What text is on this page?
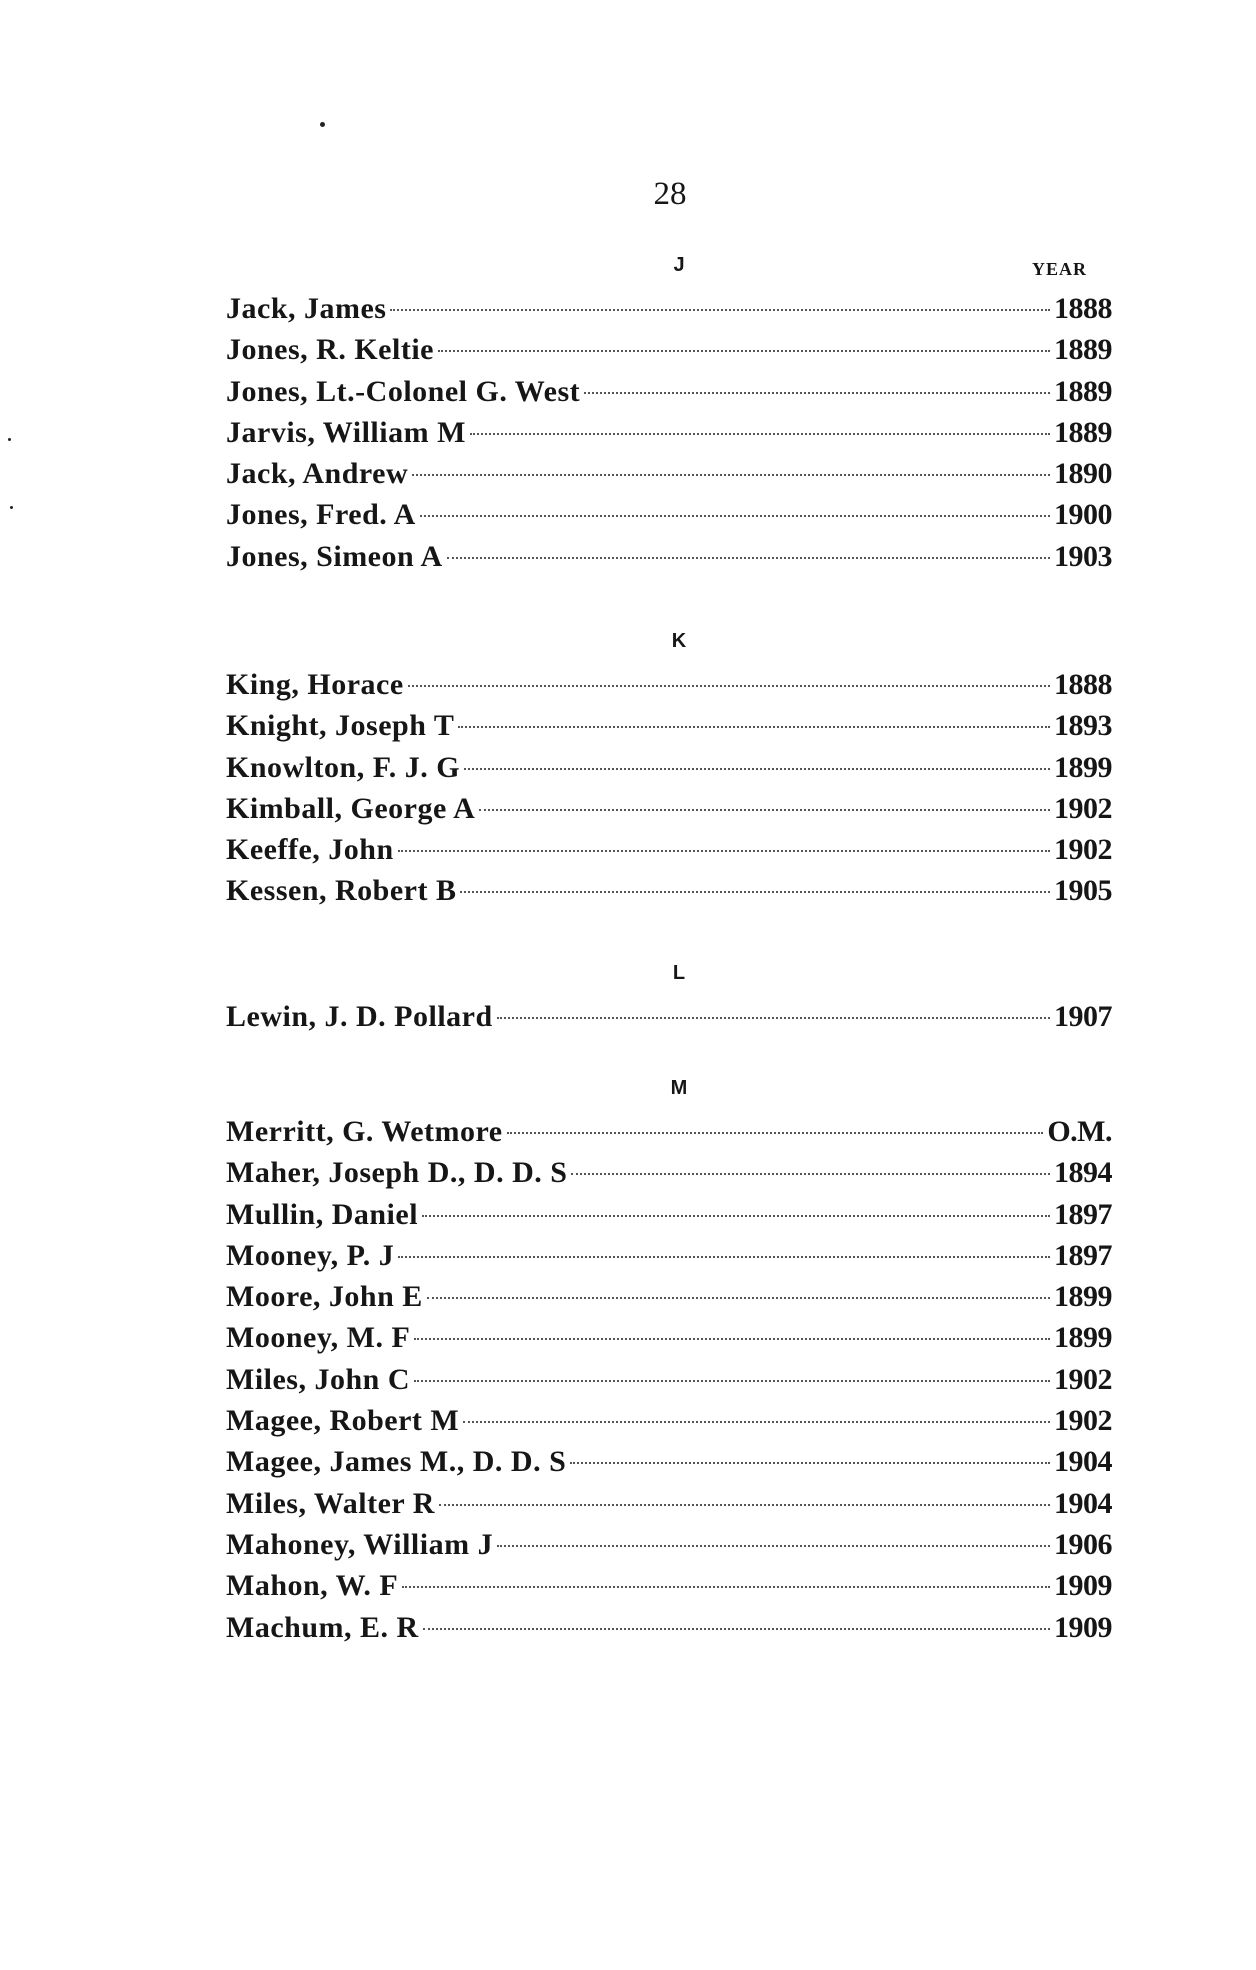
28
YEAR
J
Jack, James	1888
Jones, R. Keltie	1889
Jones, Lt.-Colonel G. West	1889
Jarvis, William M	1889
Jack, Andrew	1890
Jones, Fred. A	1900
Jones, Simeon A	1903
K
King, Horace	1888
Knight, Joseph T	1893
Knowlton, F. J. G	1899
Kimball, George A	1902
Keeffe, John	1902
Kessen, Robert B	1905
L
Lewin, J. D. Pollard	1907
M
Merritt, G. Wetmore	O.M.
Maher, Joseph D., D. D. S	1894
Mullin, Daniel	1897
Mooney, P. J	1897
Moore, John E	1899
Mooney, M. F	1899
Miles, John C	1902
Magee, Robert M	1902
Magee, James M., D. D. S	1904
Miles, Walter R	1904
Mahoney, William J	1906
Mahon, W. F	1909
Machum, E. R	1909
